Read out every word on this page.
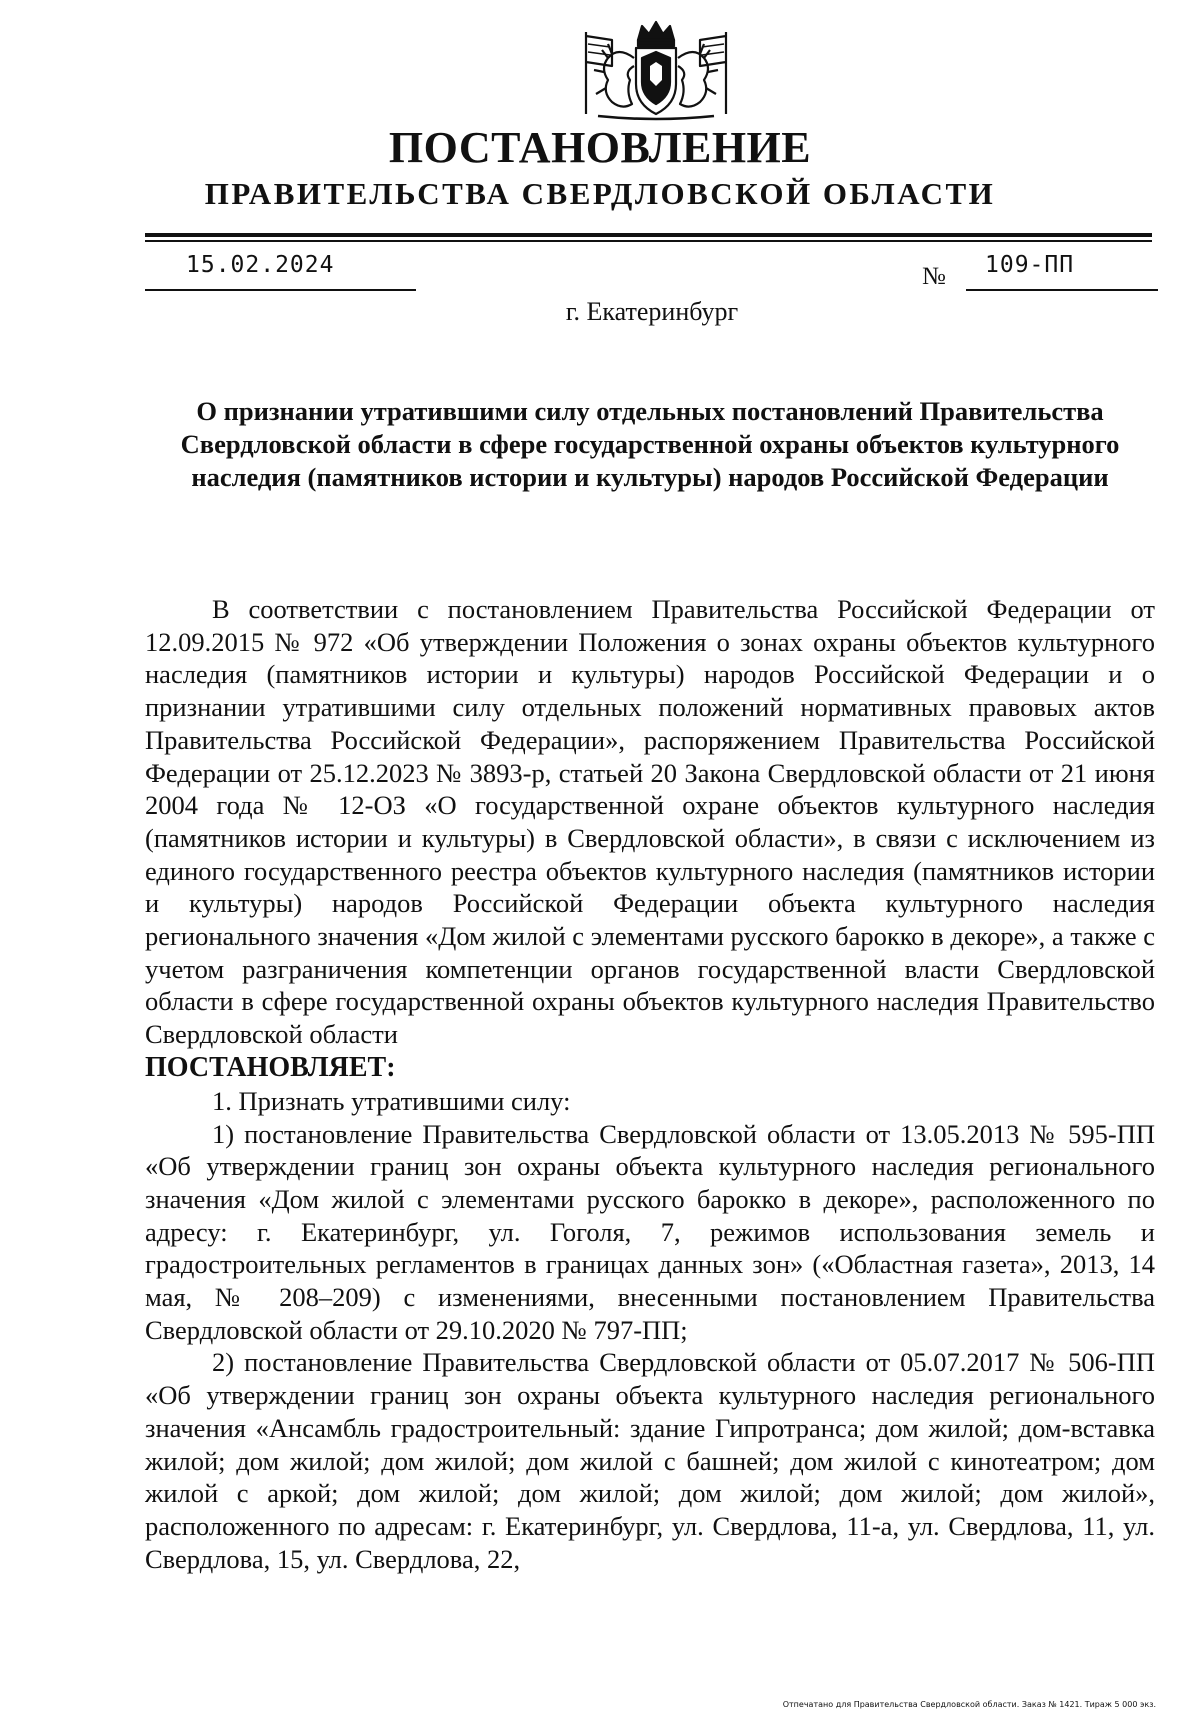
ПОСТАНОВЛЕНИЕ
ПРАВИТЕЛЬСТВА СВЕРДЛОВСКОЙ ОБЛАСТИ
15.02.2024	№ 109-ПП
г. Екатеринбург
О признании утратившими силу отдельных постановлений Правительства Свердловской области в сфере государственной охраны объектов культурного наследия (памятников истории и культуры) народов Российской Федерации

В соответствии с постановлением Правительства Российской Федерации от 12.09.2015 № 972 «Об утверждении Положения о зонах охраны объектов культурного наследия (памятников истории и культуры) народов Российской Федерации и о признании утратившими силу отдельных положений нормативных правовых актов Правительства Российской Федерации», распоряжением Правительства Российской Федерации от 25.12.2023 № 3893-р, статьей 20 Закона Свердловской области от 21 июня 2004 года № 12-ОЗ «О государственной охране объектов культурного наследия (памятников истории и культуры) в Свердловской области», в связи с исключением из единого государственного реестра объектов культурного наследия (памятников истории и культуры) народов Российской Федерации объекта культурного наследия регионального значения «Дом жилой с элементами русского барокко в декоре», а также с учетом разграничения компетенции органов государственной власти Свердловской области в сфере государственной охраны объектов культурного наследия Правительство Свердловской области

ПОСТАНОВЛЯЕТ:

1. Признать утратившими силу:

1) постановление Правительства Свердловской области от 13.05.2013 № 595-ПП «Об утверждении границ зон охраны объекта культурного наследия регионального значения «Дом жилой с элементами русского барокко в декоре», расположенного по адресу: г. Екатеринбург, ул. Гоголя, 7, режимов использования земель и градостроительных регламентов в границах данных зон» («Областная газета», 2013, 14 мая, № 208–209) с изменениями, внесенными постановлением Правительства Свердловской области от 29.10.2020 № 797-ПП;

2) постановление Правительства Свердловской области от 05.07.2017 № 506-ПП «Об утверждении границ зон охраны объекта культурного наследия регионального значения «Ансамбль градостроительный: здание Гипротранса; дом жилой; дом-вставка жилой; дом жилой; дом жилой; дом жилой с башней; дом жилой с кинотеатром; дом жилой с аркой; дом жилой; дом жилой; дом жилой; дом жилой; дом жилой», расположенного по адресам: г. Екатеринбург, ул. Свердлова, 11-а, ул. Свердлова, 11, ул. Свердлова, 15, ул. Свердлова, 22,

Отпечатано для Правительства Свердловской области. Заказ № 1421. Тираж 5 000 экз.
